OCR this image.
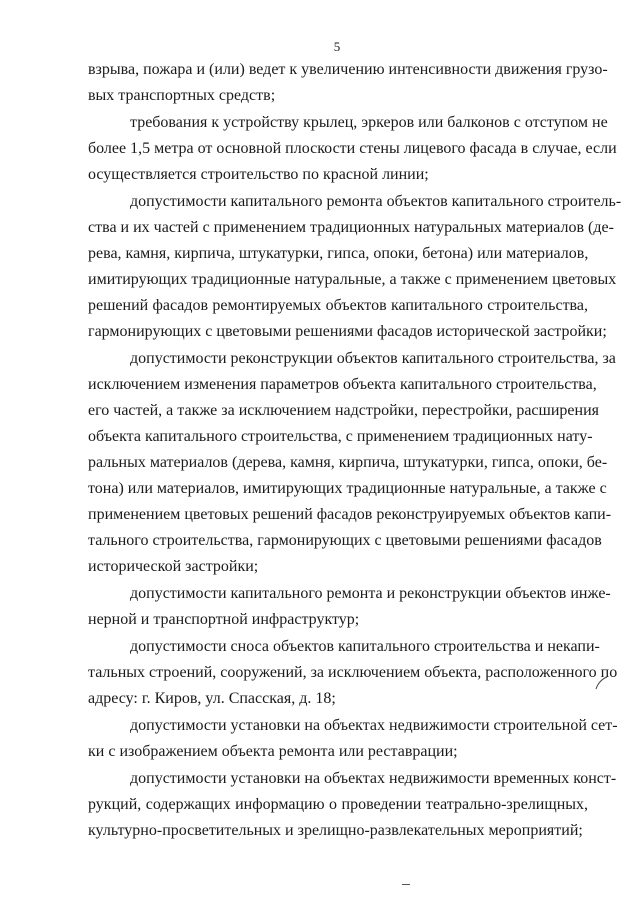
5
взрыва, пожара и (или) ведет к увеличению интенсивности движения грузо-
вых транспортных средств;
требования к устройству крылец, эркеров или балконов с отступом не
более 1,5 метра от основной плоскости стены лицевого фасада в случае, если
осуществляется строительство по красной линии;
допустимости капитального ремонта объектов капитального строитель-
ства и их частей с применением традиционных натуральных материалов (де-
рева, камня, кирпича, штукатурки, гипса, опоки, бетона) или материалов,
имитирующих традиционные натуральные, а также с применением цветовых
решений фасадов ремонтируемых объектов капитального строительства,
гармонирующих с цветовыми решениями фасадов исторической застройки;
допустимости реконструкции объектов капитального строительства, за
исключением изменения параметров объекта капитального строительства,
его частей, а также за исключением надстройки, перестройки, расширения
объекта капитального строительства, с применением традиционных нату-
ральных материалов (дерева, камня, кирпича, штукатурки, гипса, опоки, бе-
тона) или материалов, имитирующих традиционные натуральные, а также с
применением цветовых решений фасадов реконструируемых объектов капи-
тального строительства, гармонирующих с цветовыми решениями фасадов
исторической застройки;
допустимости капитального ремонта и реконструкции объектов инже-
нерной и транспортной инфраструктур;
допустимости сноса объектов капитального строительства и некапи-
тальных строений, сооружений, за исключением объекта, расположенного по
адресу: г. Киров, ул. Спасская, д. 18;
допустимости установки на объектах недвижимости строительной сет-
ки с изображением объекта ремонта или реставрации;
допустимости установки на объектах недвижимости временных конст-
рукций, содержащих информацию о проведении театрально-зрелищных,
культурно-просветительных и зрелищно-развлекательных мероприятий;
